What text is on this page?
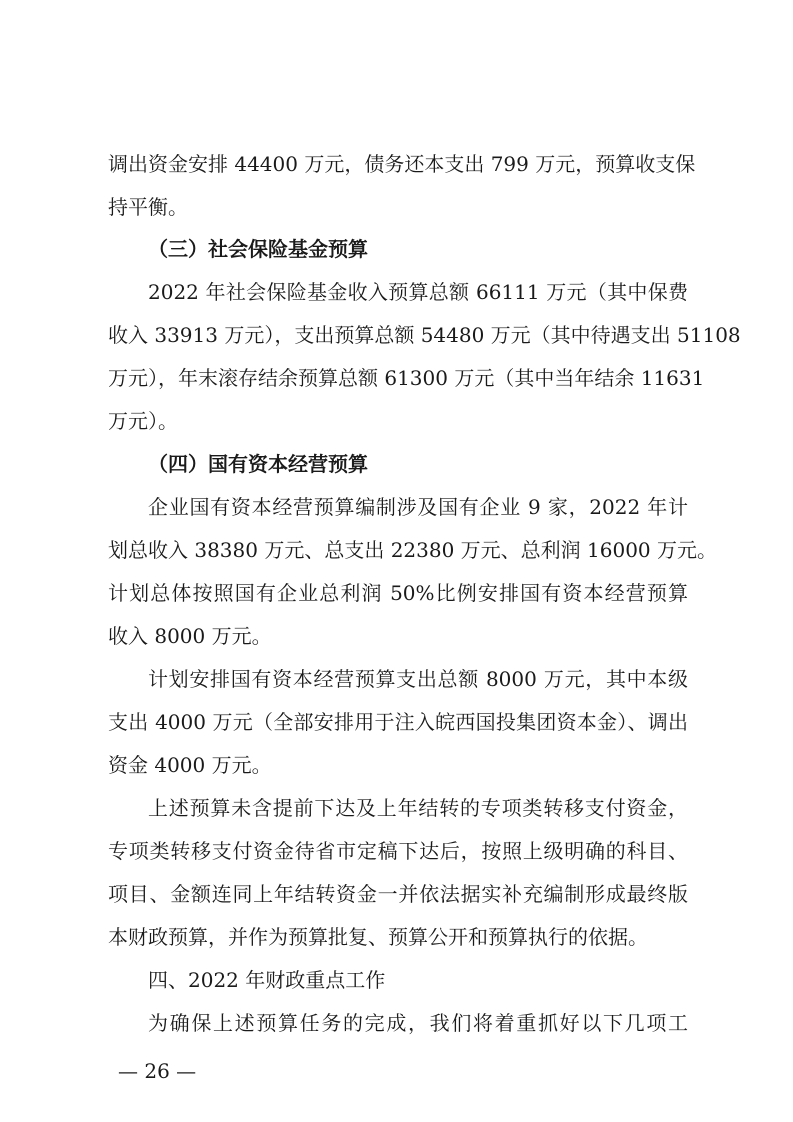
调出资金安排 44400 万元，债务还本支出 799 万元，预算收支保
持平衡。
（三）社会保险基金预算
2022 年社会保险基金收入预算总额 66111 万元（其中保费
收入 33913 万元），支出预算总额 54480 万元（其中待遇支出 51108
万元），年末滚存结余预算总额 61300 万元（其中当年结余 11631
万元）。
（四）国有资本经营预算
企业国有资本经营预算编制涉及国有企业 9 家，2022 年计
划总收入 38380 万元、总支出 22380 万元、总利润 16000 万元。
计划总体按照国有企业总利润 50%比例安排国有资本经营预算
收入 8000 万元。
计划安排国有资本经营预算支出总额 8000 万元，其中本级
支出 4000 万元（全部安排用于注入皖西国投集团资本金）、调出
资金 4000 万元。
上述预算未含提前下达及上年结转的专项类转移支付资金，
专项类转移支付资金待省市定稿下达后，按照上级明确的科目、
项目、金额连同上年结转资金一并依法据实补充编制形成最终版
本财政预算，并作为预算批复、预算公开和预算执行的依据。
四、2022 年财政重点工作
为确保上述预算任务的完成，我们将着重抓好以下几项工
— 26 —
